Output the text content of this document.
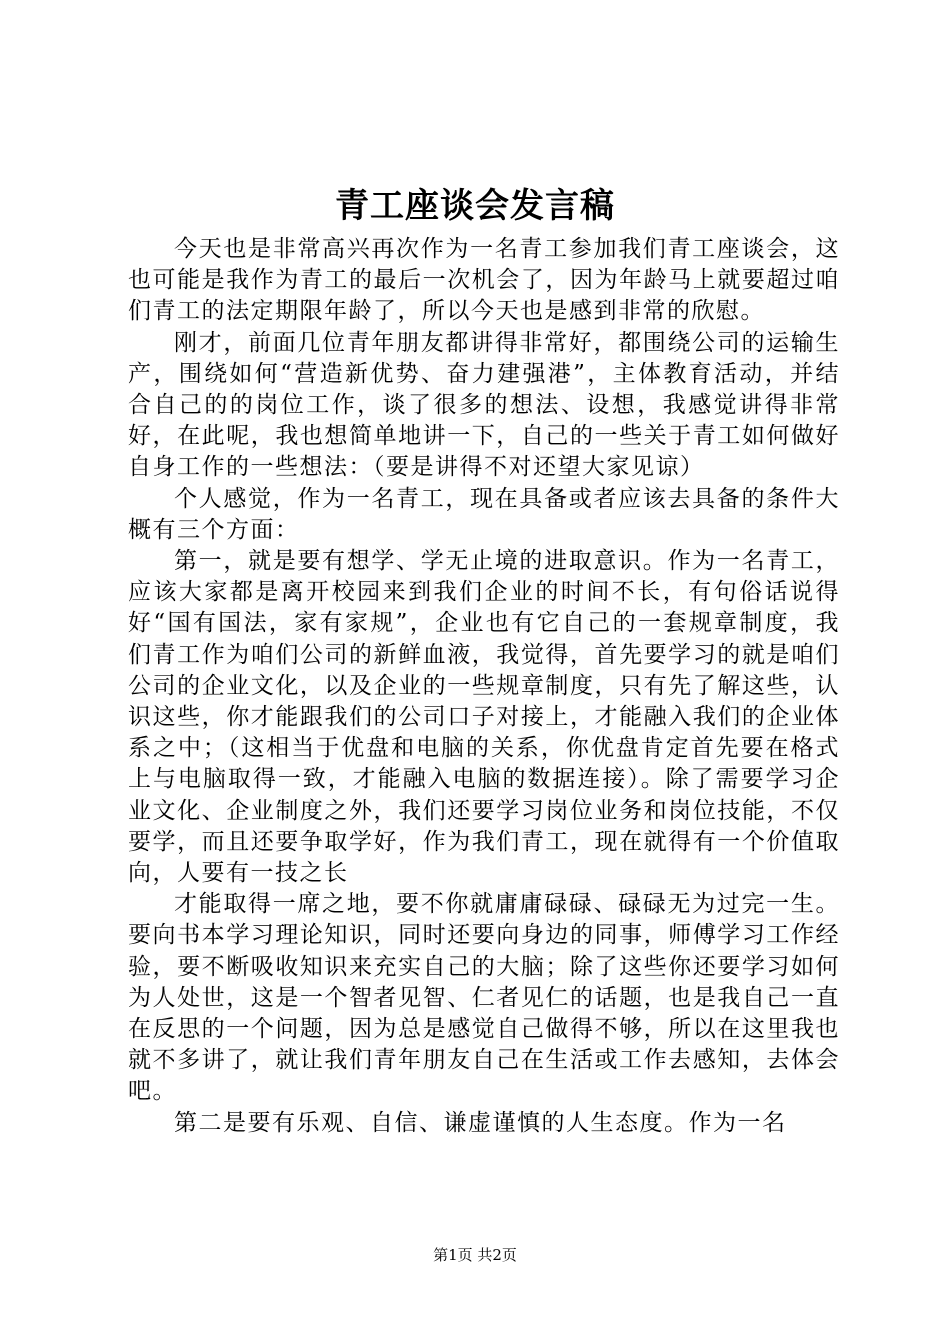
青工座谈会发言稿

今天也是非常高兴再次作为一名青工参加我们青工座谈会，这也可能是我作为青工的最后一次机会了，因为年龄马上就要超过咱们青工的法定期限年龄了，所以今天也是感到非常的欣慰。

刚才，前面几位青年朋友都讲得非常好，都围绕公司的运输生产，围绕如何“营造新优势、奋力建强港”，主体教育活动，并结合自己的的岗位工作，谈了很多的想法、设想，我感觉讲得非常好，在此呢，我也想简单地讲一下，自己的一些关于青工如何做好自身工作的一些想法：（要是讲得不对还望大家见谅）

个人感觉，作为一名青工，现在具备或者应该去具备的条件大概有三个方面：

第一，就是要有想学、学无止境的进取意识。作为一名青工，应该大家都是离开校园来到我们企业的时间不长，有句俗话说得好“国有国法，家有家规”，企业也有它自己的一套规章制度，我们青工作为咱们公司的新鲜血液，我觉得，首先要学习的就是咱们公司的企业文化，以及企业的一些规章制度，只有先了解这些，认识这些，你才能跟我们的公司口子对接上，才能融入我们的企业体系之中；（这相当于优盘和电脑的关系，你优盘肯定首先要在格式上与电脑取得一致，才能融入电脑的数据连接）。除了需要学习企业文化、企业制度之外，我们还要学习岗位业务和岗位技能，不仅要学，而且还要争取学好，作为我们青工，现在就得有一个价值取向，人要有一技之长

才能取得一席之地，要不你就庸庸碌碌、碌碌无为过完一生。要向书本学习理论知识，同时还要向身边的同事，师傅学习工作经验，要不断吸收知识来充实自己的大脑；除了这些你还要学习如何为人处世，这是一个智者见智、仁者见仁的话题，也是我自己一直在反思的一个问题，因为总是感觉自己做得不够，所以在这里我也就不多讲了，就让我们青年朋友自己在生活或工作去感知，去体会吧。

第二是要有乐观、自信、谦虚谨慎的人生态度。作为一名

第1页 共2页
